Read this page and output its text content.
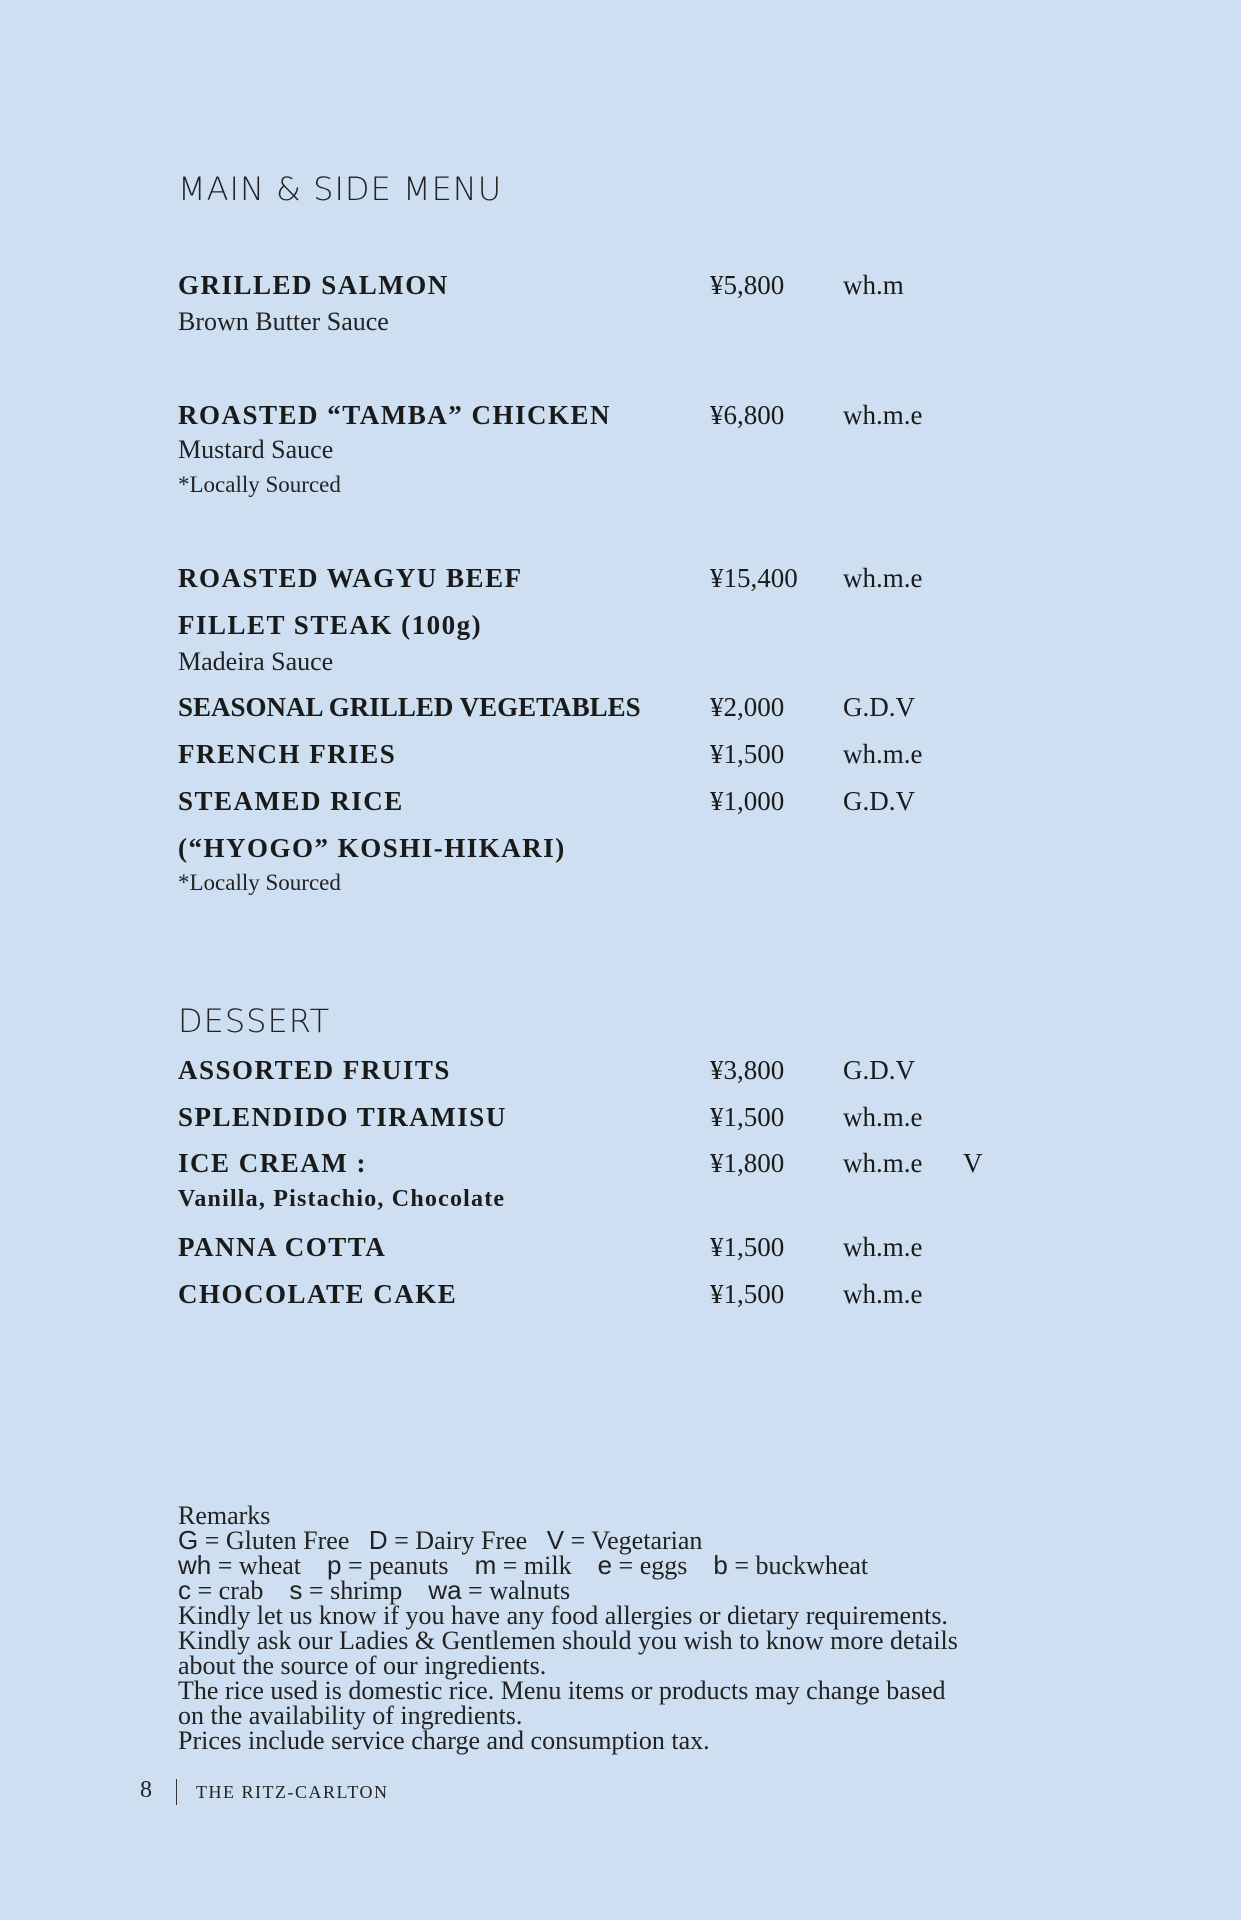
MAIN & SIDE MENU
GRILLED SALMON	¥5,800 wh.m
Brown Butter Sauce
ROASTED “TAMBA” CHICKEN	¥6,800 wh.m.e
Mustard Sauce
*Locally Sourced
ROASTED WAGYU BEEF	¥15,400 wh.m.e
FILLET STEAK (100g)
Madeira Sauce
SEASONAL GRILLED VEGETABLES	¥2,000 G.D.V
FRENCH FRIES	¥1,500 wh.m.e
STEAMED RICE	¥1,000 G.D.V
(“HYOGO” KOSHI-HIKARI)
*Locally Sourced
DESSERT
ASSORTED FRUITS	¥3,800 G.D.V
SPLENDIDO TIRAMISU	¥1,500 wh.m.e
ICE CREAM :	¥1,800 wh.m.e V
Vanilla, Pistachio, Chocolate
PANNA COTTA	¥1,500 wh.m.e
CHOCOLATE CAKE	¥1,500 wh.m.e
Remarks
G = Gluten Free D = Dairy Free V = Vegetarian
wh = wheat p = peanuts m = milk e = eggs b = buckwheat
c = crab s = shrimp wa = walnuts
Kindly let us know if you have any food allergies or dietary requirements.
Kindly ask our Ladies & Gentlemen should you wish to know more details
about the source of our ingredients.
The rice used is domestic rice. Menu items or products may change based
on the availability of ingredients.
Prices include service charge and consumption tax.
8 THE RITZ-CARLTON
